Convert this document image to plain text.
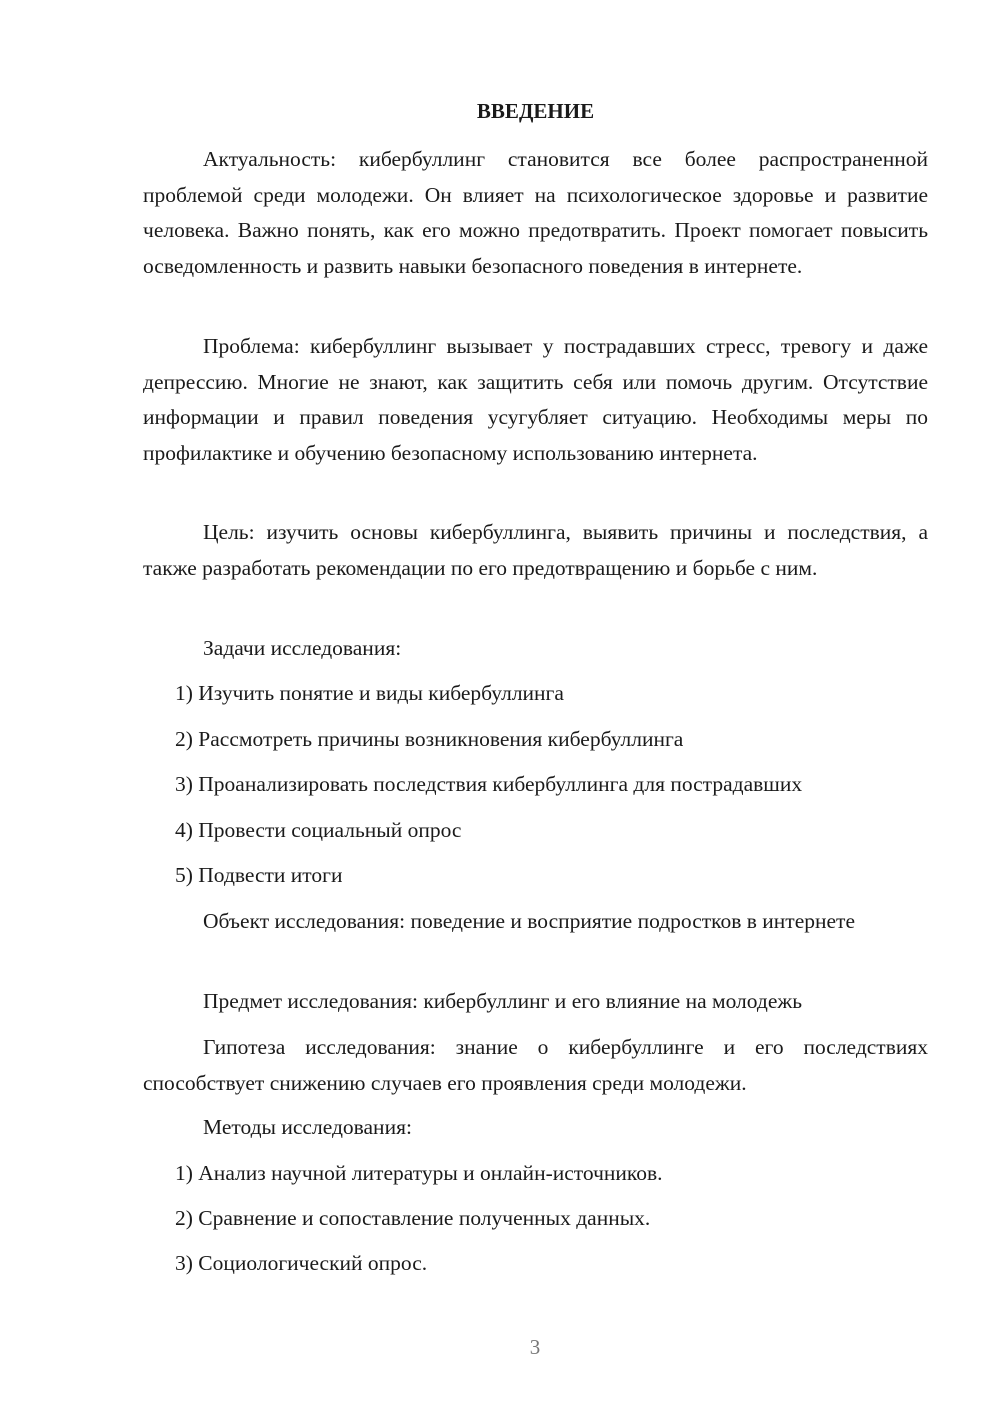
ВВЕДЕНИЕ

Актуальность: кибербуллинг становится все более распространенной проблемой среди молодежи. Он влияет на психологическое здоровье и развитие человека. Важно понять, как его можно предотвратить. Проект помогает повысить осведомленность и развить навыки безопасного поведения в интернете.

Проблема: кибербуллинг вызывает у пострадавших стресс, тревогу и даже депрессию. Многие не знают, как защитить себя или помочь другим. Отсутствие информации и правил поведения усугубляет ситуацию. Необходимы меры по профилактике и обучению безопасному использованию интернета.

Цель: изучить основы кибербуллинга, выявить причины и последствия, а также разработать рекомендации по его предотвращению и борьбе с ним.

Задачи исследования:

1) Изучить понятие и виды кибербуллинга
2) Рассмотреть причины возникновения кибербуллинга
3) Проанализировать последствия кибербуллинга для пострадавших
4) Провести социальный опрос
5) Подвести итоги

Объект исследования: поведение и восприятие подростков в интернете

Предмет исследования: кибербуллинг и его влияние на молодежь

Гипотеза исследования: знание о кибербуллинге и его последствиях способствует снижению случаев его проявления среди молодежи.

Методы исследования:

1) Анализ научной литературы и онлайн-источников.
2) Сравнение и сопоставление полученных данных.
3) Социологический опрос.
3
